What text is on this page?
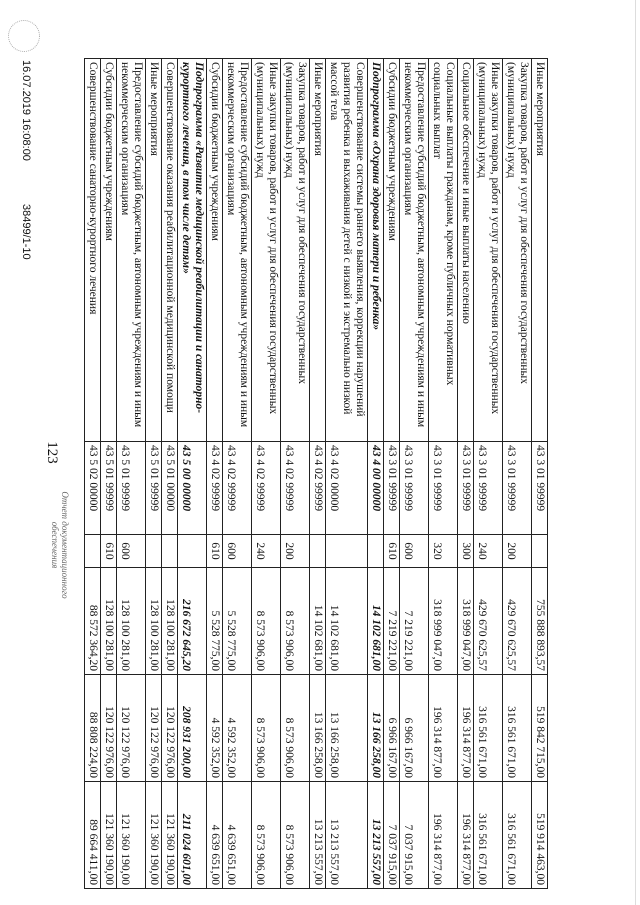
Иные мероприятия	43 3 01 99999		755 888 893,57	519 842 715,00	519 914 463,00
Закупка товаров, работ и услуг для обеспечения государственных (муниципальных) нужд	43 3 01 99999	200	429 670 625,57	316 561 671,00	316 561 671,00
Иные закупки товаров, работ и услуг для обеспечения государственных (муниципальных) нужд	43 3 01 99999	240	429 670 625,57	316 561 671,00	316 561 671,00
Социальное обеспечение и иные выплаты населению	43 3 01 99999	300	318 999 047,00	196 314 877,00	196 314 877,00
Социальные выплаты гражданам, кроме публичных нормативных социальных выплат	43 3 01 99999	320	318 999 047,00	196 314 877,00	196 314 877,00
Предоставление субсидий бюджетным, автономным учреждениям и иным некоммерческим организациям	43 3 01 99999	600	7 219 221,00	6 966 167,00	7 037 915,00
Субсидии бюджетным учреждениям	43 3 01 99999	610	7 219 221,00	6 966 167,00	7 037 915,00
Подпрограмма «Охрана здоровья матери и ребенка»	43 4 00 00000		14 102 681,00	13 166 258,00	13 213 557,00
Совершенствование системы раннего выявления, коррекции нарушений развития ребенка и выхаживания детей с низкой и экстремально низкой массой тела	43 4 02 00000		14 102 681,00	13 166 258,00	13 213 557,00
Иные мероприятия	43 4 02 99999		14 102 681,00	13 166 258,00	13 213 557,00
Закупка товаров, работ и услуг для обеспечения государственных (муниципальных) нужд	43 4 02 99999	200	8 573 906,00	8 573 906,00	8 573 906,00
Иные закупки товаров, работ и услуг для обеспечения государственных (муниципальных) нужд	43 4 02 99999	240	8 573 906,00	8 573 906,00	8 573 906,00
Предоставление субсидий бюджетным, автономным учреждениям и иным некоммерческим организациям	43 4 02 99999	600	5 528 775,00	4 592 352,00	4 639 651,00
Субсидии бюджетным учреждениям	43 4 02 99999	610	5 528 775,00	4 592 352,00	4 639 651,00
Подпрограмма «Развитие медицинской реабилитации и санаторно-курортного лечения, в том числе детям»	43 5 00 00000		216 672 645,20	208 931 200,00	211 024 601,00
Совершенствование оказания реабилитационной медицинской помощи	43 5 01 00000		128 100 281,00	120 122 976,00	121 360 190,00
Иные мероприятия	43 5 01 99999		128 100 281,00	120 122 976,00	121 360 190,00
Предоставление субсидий бюджетным, автономным учреждениям и иным некоммерческим организациям	43 5 01 99999	600	128 100 281,00	120 122 976,00	121 360 190,00
Субсидии бюджетным учреждениям	43 5 01 99999	610	128 100 281,00	120 122 976,00	121 360 190,00
Совершенствование санаторно-курортного лечения	43 5 02 00000		88 572 364,20	88 808 224,00	89 664 411,00
Отчет документационного обеспечения
16.07.2019 16:08:00 38499/1-10
123
